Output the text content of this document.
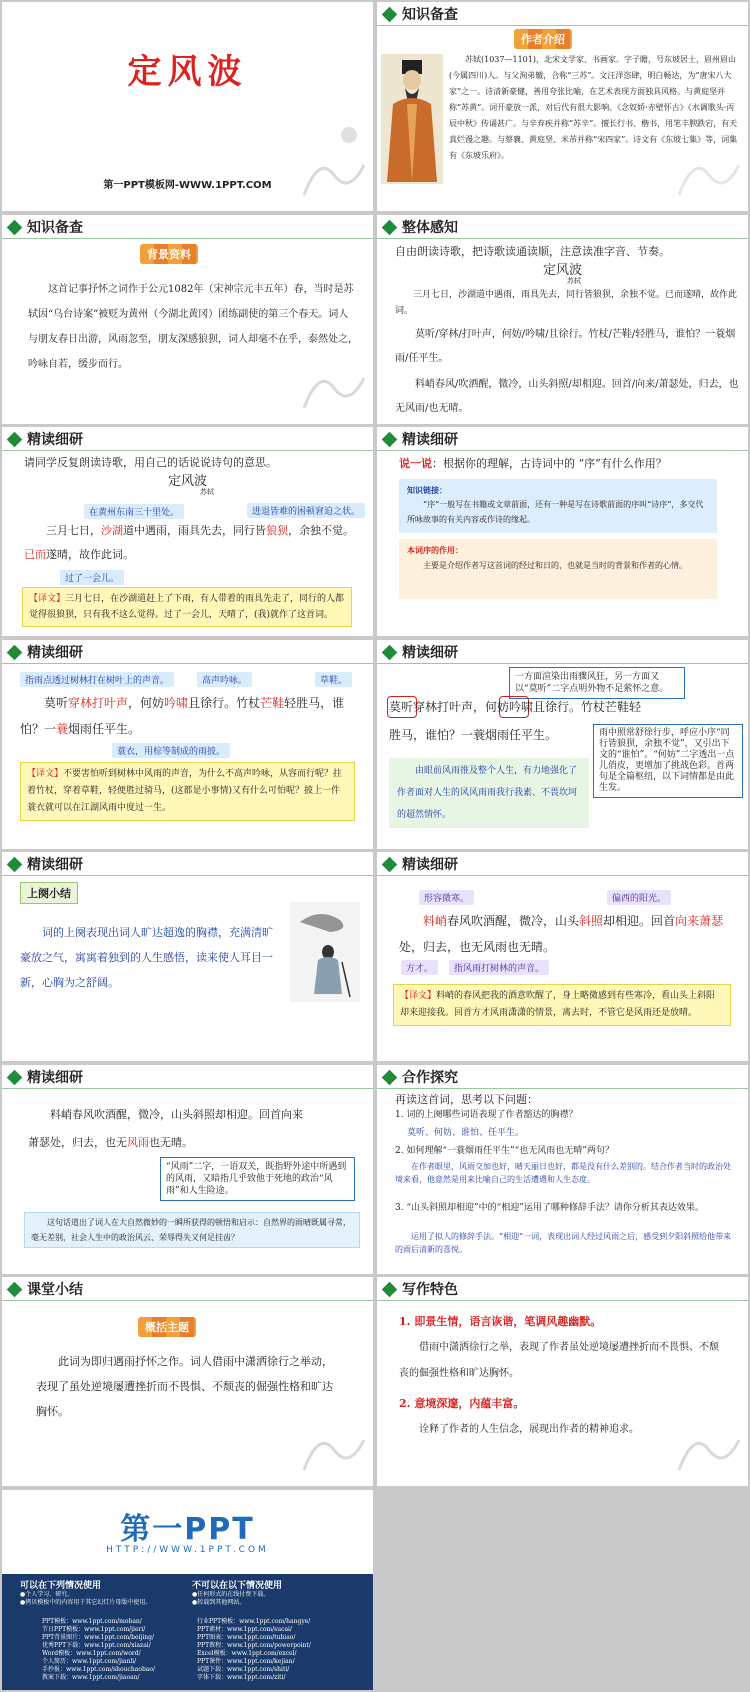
定风波
第一PPT模板网-WWW.1PPT.COM
知识备查
作者介绍
苏轼(1037—1101)，北宋文学家、书画家。字子瞻，号东坡居士，眉州眉山(今属四川)人。与父洵弟辙，合称“三苏”。文汪洋恣肆，明白畅达，为“唐宋八大家”之一。诗清新豪健，善用夸张比喻，在艺术表现方面独具风格。与黄庭坚并称“苏黄”。词开豪放一派，对后代有很大影响。《念奴娇·赤壁怀古》《水调歌头·丙辰中秋》传诵甚广。与辛弃疾并称“苏辛”。擅长行书、楷书，用笔丰腴跌宕，有天真烂漫之趣。与蔡襄、黄庭坚、米芾并称“宋四家”。诗文有《东坡七集》等，词集有《东坡乐府》。
知识备查
背景资料
这首记事抒怀之词作于公元1082年（宋神宗元丰五年）春，当时是苏轼因“乌台诗案”被贬为黄州（今湖北黄冈）团练副使的第三个春天。词人与朋友春日出游，风雨忽至，朋友深感狼狈，词人却毫不在乎，泰然处之，吟咏自若，缓步而行。
整体感知
自由朗读诗歌，把诗歌读通读顺，注意读准字音、节奏。
定风波
苏轼
三月七日，沙湖道中遇雨，雨具先去，同行皆狼狈，余独不觉。已而遂晴，故作此词。
莫听/穿林/打叶声，何妨/吟啸/且徐行。竹杖/芒鞋/轻胜马，谁怕？一蓑烟雨/任平生。
料峭春风/吹酒醒，微冷，山头斜照/却相迎。回首/向来/萧瑟处，归去，也无风雨/也无晴。
精读细研
请同学反复朗读诗歌，用自己的话说说诗句的意思。
定风波
苏轼
在黄州东南三十里处。	进退皆难的困顿窘迫之状。
三月七日，沙湖道中遇雨，雨具先去，同行皆狼狈，余独不觉。已而遂晴，故作此词。
过了一会儿。
【译文】三月七日，在沙湖道赶上了下雨，有人带着的雨具先走了，同行的人都觉得很狼狈，只有我不这么觉得。过了一会儿，天晴了，(我)就作了这首词。
精读细研
说一说：根据你的理解，古诗词中的 “序”有什么作用？
知识链接：
“序”一般写在书籍或文章前面，还有一种是写在诗歌前面的序叫“诗序”，多交代所咏故事的有关内容或作诗的缘起。
本词序的作用：
主要是介绍作者写这首词的经过和日的，也就是当时的背景和作者的心情。
精读细研
指雨点透过树林打在树叶上的声音。	高声吟咏。	草鞋。
莫听穿林打叶声，何妨吟啸且徐行。竹杖芒鞋轻胜马，谁怕？一蓑烟雨任平生。
蓑衣，用棕等制成的雨披。
【译文】不要害怕听到树林中风雨的声音，为什么不高声吟咏，从容而行呢？拄着竹杖，穿着草鞋，轻便胜过骑马，(这都是小事情)又有什么可怕呢？披上一件蓑衣就可以在江湖风雨中度过一生。
精读细研
一方面渲染出雨骤风狂，另一方面又以“莫听”二字点明外物不足萦怀之意。
莫听穿林打叶声，何妨吟啸且徐行。竹杖芒鞋轻
胜马，谁怕？一蓑烟雨任平生。	雨中照常舒徐行步，呼应小序“同行皆狼狈，余独不觉”，又引出下文的“谁怕”。“何妨”二字透出一点儿俏皮，更增加了挑战色彩。首两句是全篇枢纽，以下词情都是由此生发。
由眼前风雨推及整个人生，有力地强化了作者面对人生的风风雨雨我行我素、不畏坎坷的超然情怀。
精读细研
上阕小结
词的上阕表现出词人旷达超逸的胸襟，充满清旷豪放之气，寓寓着独到的人生感悟，读来使人耳目一新，心胸为之舒阔。
精读细研
形容微寒。	偏西的阳光。
料峭春风吹酒醒，微冷，山头斜照却相迎。回首向来萧瑟处，归去，也无风雨也无晴。
方才。	指风雨打树林的声音。
【译文】料峭的春风把我的酒意吹醒了，身上略微感到有些寒冷，看山头上斜阳却来迎接我。回首方才风雨潇潇的情景，离去时，不管它是风雨还是放晴。
精读细研
料峭春风吹酒醒，微冷，山头斜照却相迎。回首向来
萧瑟处，归去，也无风雨也无晴。
“风雨”二字，一语双关，既指野外途中所遇到的风雨，又暗指几乎致他于死地的政治“风雨”和人生险途。
这句话道出了词人在大自然微妙的一瞬所获得的顿悟和启示：自然界的雨晴既属寻常，毫无差别，社会人生中的政治风云、荣辱得失又何足挂齿？
合作探究
再读这首词，思考以下问题：
1. 词的上阕哪些词语表现了作者豁达的胸襟？
莫听、何妨、谁怕、任平生。
2. 如何理解“一蓑烟雨任平生”“也无风雨也无晴”两句？
在作者眼里，风雨交加也好，晴天丽日也好，都是没有什么差别的。结合作者当时的政治处境来看，他意然是用来比喻自己的生活遭遇和人生态度。
3. “山头斜照却相迎”中的“相迎”运用了哪种修辞手法？请你分析其表达效果。
运用了拟人的修辞手法。“相迎”一词，表现出词人经过风雨之后，感受到夕阳斜照给他带来的雨后清新的喜悦。
课堂小结
概括主题
此词为即归遇雨抒怀之作。词人借雨中潇洒徐行之举动，表现了虽处逆境屡遭挫折而不畏惧、不颓丧的倔强性格和旷达胸怀。
写作特色
1. 即景生情，语言诙谐，笔调风趣幽默。
借雨中潇洒徐行之举，表现了作者虽处逆境屡遭挫折而不畏惧、不颓丧的倔强性格和旷达胸怀。
2. 意境深邃，内蕴丰富。
诠释了作者的人生信念，展现出作者的精神追求。
第一PPT
HTTP://WWW.1PPT.COM
可以在下列情况使用
●个人学习、研究。
●拷贝模板中的内容用于其它幻灯片母版中使用。
不可以在以下情况使用
●任何形式的在线付费下载。
●转载到其他网站。
PPT模板：www.1ppt.com/moban/
节日PPT模板：www.1ppt.com/jieri/
PPT背景图片：www.1ppt.com/beijing/
优秀PPT下载：www.1ppt.com/xiazai/
Word模板：www.1ppt.com/word/
个人简历：www.1ppt.com/jianli/
手抄报：www.1ppt.com/shouchaobao/
教案下载：www.1ppt.com/jiaoan/
行业PPT模板：www.1ppt.com/hangye/
PPT素材：www.1ppt.com/sucai/
PPT图表：www.1ppt.com/tubiao/
PPT教程：www.1ppt.com/powerpoint/
Excel模板：www.1ppt.com/excel/
PPT课件：www.1ppt.com/kejian/
试题下载：www.1ppt.com/shiti/
字体下载：www.1ppt.com/ziti/
